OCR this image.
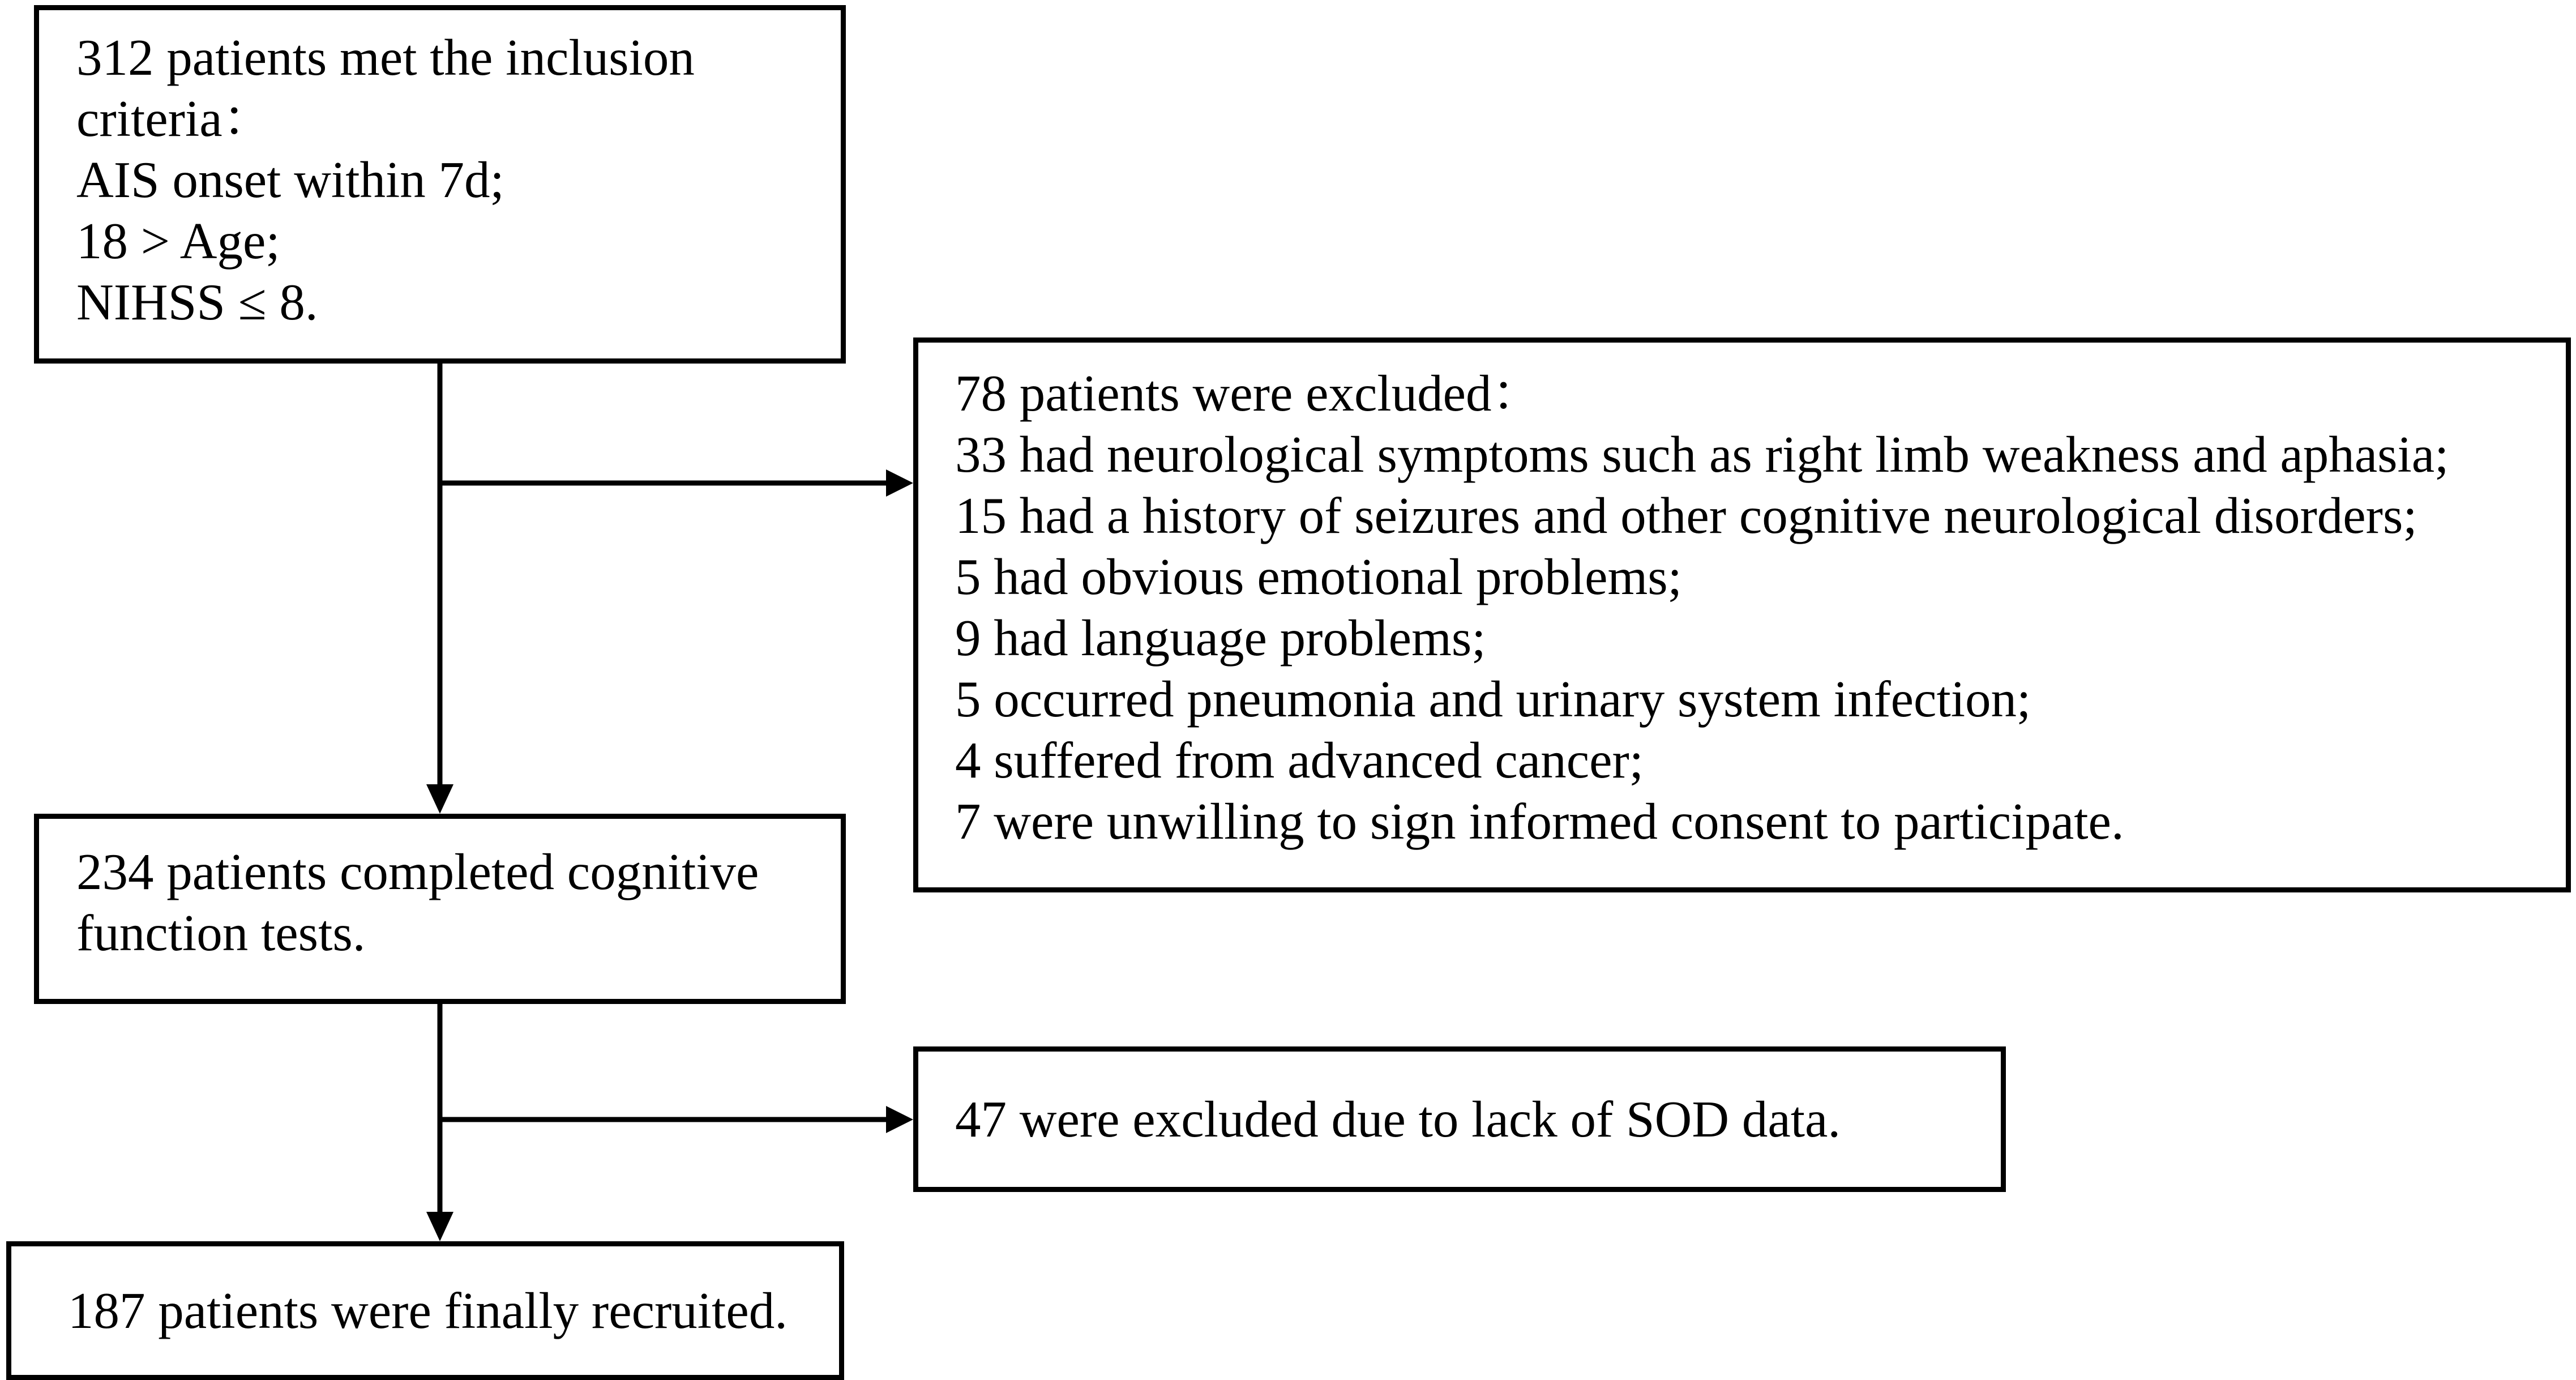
312 patients met the inclusion
criteria：
AIS onset within 7d;
18 > Age;
NIHSS ≤ 8.
78 patients were excluded：
33 had neurological symptoms such as right limb weakness and aphasia;
15 had a history of seizures and other cognitive neurological disorders;
5 had obvious emotional problems;
9 had language problems;
5 occurred pneumonia and urinary system infection;
4 suffered from advanced cancer;
7 were unwilling to sign informed consent to participate.
234 patients completed cognitive
function tests.
47 were excluded due to lack of SOD data.
187 patients were finally recruited.
